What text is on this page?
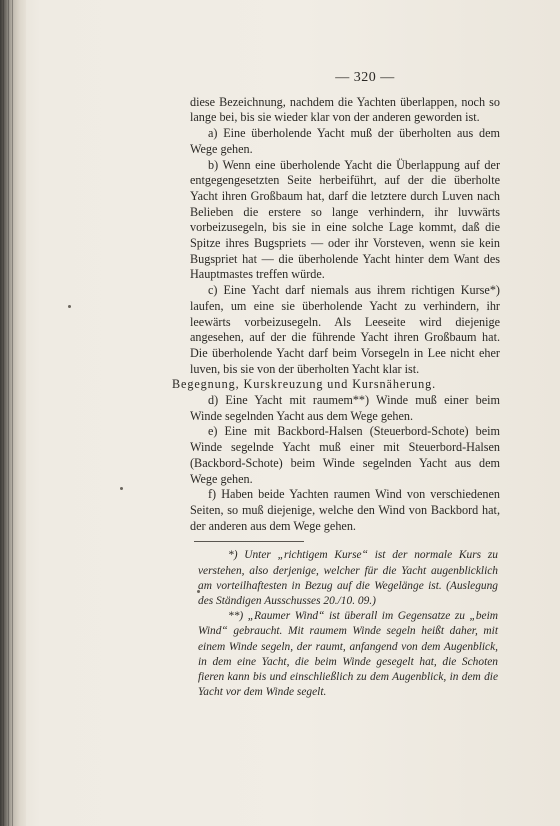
— 320 —

diese Bezeichnung, nachdem die Yachten überlappen, noch so lange bei, bis sie wieder klar von der anderen geworden ist.

a) Eine überholende Yacht muß der überholten aus dem Wege gehen.

b) Wenn eine überholende Yacht die Überlappung auf der entgegengesetzten Seite herbeiführt, auf der die überholte Yacht ihren Großbaum hat, darf die letztere durch Luven nach Belieben die erstere so lange verhindern, ihr luvwärts vorbeizusegeln, bis sie in eine solche Lage kommt, daß die Spitze ihres Bugspriets — oder ihr Vorsteven, wenn sie kein Bugspriet hat — die überholende Yacht hinter dem Want des Hauptmastes treffen würde.

c) Eine Yacht darf niemals aus ihrem richtigen Kurse*) laufen, um eine sie überholende Yacht zu verhindern, ihr leewärts vorbeizusegeln. Als Leeseite wird diejenige angesehen, auf der die führende Yacht ihren Großbaum hat. Die überholende Yacht darf beim Vorsegeln in Lee nicht eher luven, bis sie von der überholten Yacht klar ist.

Begegnung, Kurskreuzung und Kursnäherung.

d) Eine Yacht mit raumem**) Winde muß einer beim Winde segelnden Yacht aus dem Wege gehen.

e) Eine mit Backbord-Halsen (Steuerbord-Schote) beim Winde segelnde Yacht muß einer mit Steuerbord-Halsen (Backbord-Schote) beim Winde segelnden Yacht aus dem Wege gehen.

f) Haben beide Yachten raumen Wind von verschiedenen Seiten, so muß diejenige, welche den Wind von Backbord hat, der anderen aus dem Wege gehen.

*) Unter „richtigem Kurse“ ist der normale Kurs zu verstehen, also derjenige, welcher für die Yacht augenblicklich am vorteilhaftesten in Bezug auf die Wegelänge ist. (Auslegung des Ständigen Ausschusses 20./10. 09.)

**) „Raumer Wind“ ist überall im Gegensatze zu „beim Wind“ gebraucht. Mit raumem Winde segeln heißt daher, mit einem Winde segeln, der raumt, anfangend von dem Augenblick, in dem eine Yacht, die beim Winde gesegelt hat, die Schoten fieren kann bis und einschließlich zu dem Augenblick, in dem die Yacht vor dem Winde segelt.
